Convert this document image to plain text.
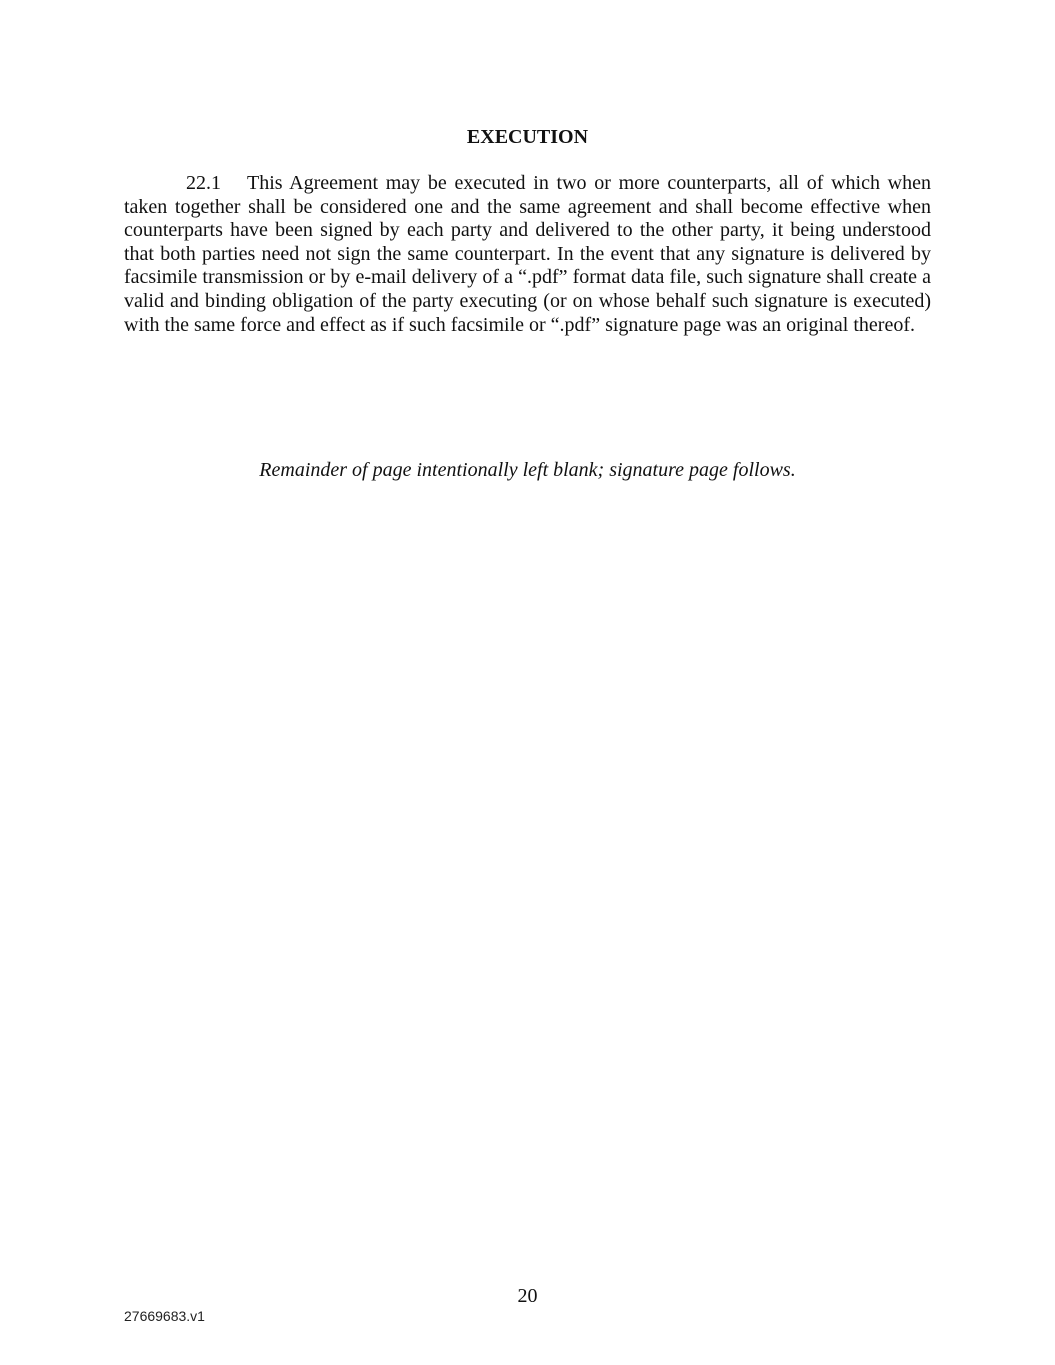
EXECUTION
22.1 This Agreement may be executed in two or more counterparts, all of which when taken together shall be considered one and the same agreement and shall become effective when counterparts have been signed by each party and delivered to the other party, it being understood that both parties need not sign the same counterpart. In the event that any signature is delivered by facsimile transmission or by e-mail delivery of a “.pdf” format data file, such signature shall create a valid and binding obligation of the party executing (or on whose behalf such signature is executed) with the same force and effect as if such facsimile or “.pdf” signature page was an original thereof.
Remainder of page intentionally left blank; signature page follows.
20
27669683.v1
